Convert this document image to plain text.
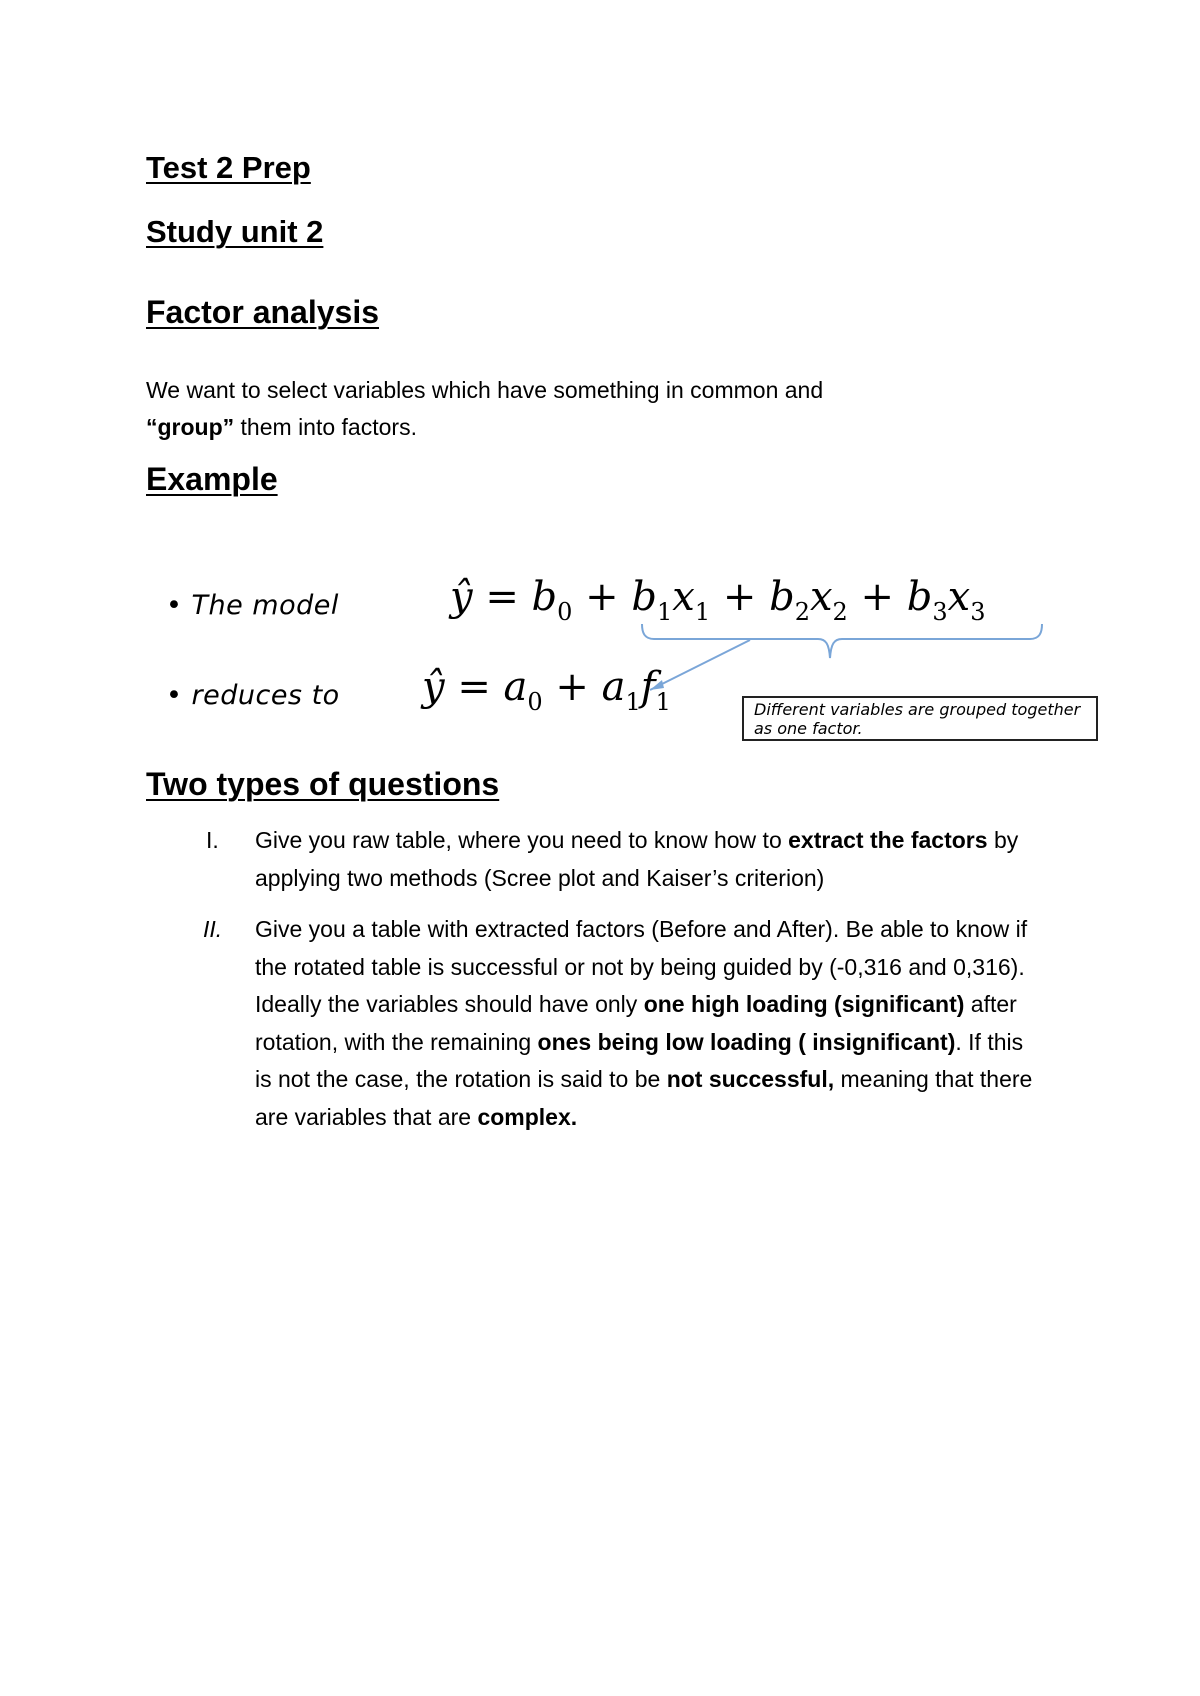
Test 2 Prep
Study unit 2
Factor analysis

We want to select variables which have something in common and
“group” them into factors.

Example
• The model
• reduces to
ŷ = $b_0 + b_1x_1 + b_2x_2 + b_3x_3$
ŷ = $a_0 + a_1f_1$	Different variables are grouped together as one factor.
Two types of questions
I. Give you raw table, where you need to know how to extract the factors by applying two methods (Scree plot and Kaiser’s criterion)
II. Give you a table with extracted factors (Before and After). Be able to know if the rotated table is successful or not by being guided by (-0,316 and 0,316). Ideally the variables should have only one high loading (significant) after rotation, with the remaining ones being low loading ( insignificant). If this is not the case, the rotation is said to be not successful, meaning that there are variables that are complex.
